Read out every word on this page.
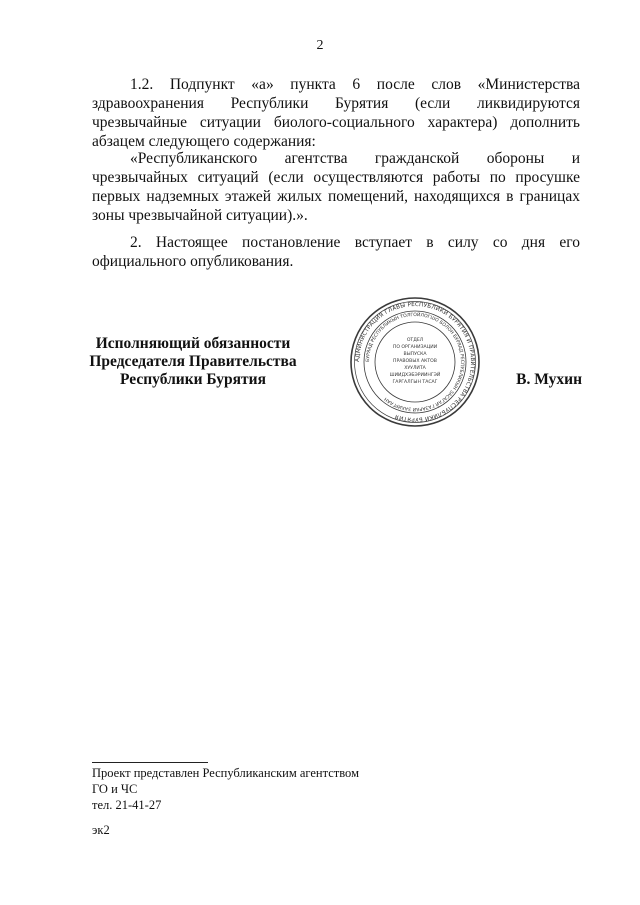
2
1.2. Подпункт «а» пункта 6 после слов «Министерства здравоохранения Республики Бурятия (если ликвидируются чрезвычайные ситуации биолого-социального характера) дополнить абзацем следующего содержания:
«Республиканского агентства гражданской обороны и чрезвычайных ситуаций (если осуществляются работы по просушке первых надземных этажей жилых помещений, находящихся в границах зоны чрезвычайной ситуации).».
2. Настоящее постановление вступает в силу со дня его официального опубликования.
Исполняющий обязанности
Председателя Правительства
Республики Бурятия
АДМИНИСТРАЦИЯ ГЛАВЫ РЕСПУБЛИКИ БУРЯТИЯ И ПРАВИТЕЛЬСТВА РЕСПУБЛИКИ БУРЯТИЯ
БУРЯАД РЕСПУБЛИКЫН ТОЛГОЙЛОГШО БОЛОН БУРЯАД РЕСПУБЛИКЫН ЗАСАГАЙ ГАЗАРАЙ ЗАХИРГААН
ОТДЕЛ
ПО ОРГАНИЗАЦИИ
ВЫПУСКА
ПРАВОВЫХ АКТОВ
ХУУЛИТА
ШИИДХЭБЭРИИНГЭЙ
ГАРГАЛГЫН ТАСАГ	В. Мухин
Проект представлен Республиканским агентством
ГО и ЧС
тел. 21-41-27
эк2
